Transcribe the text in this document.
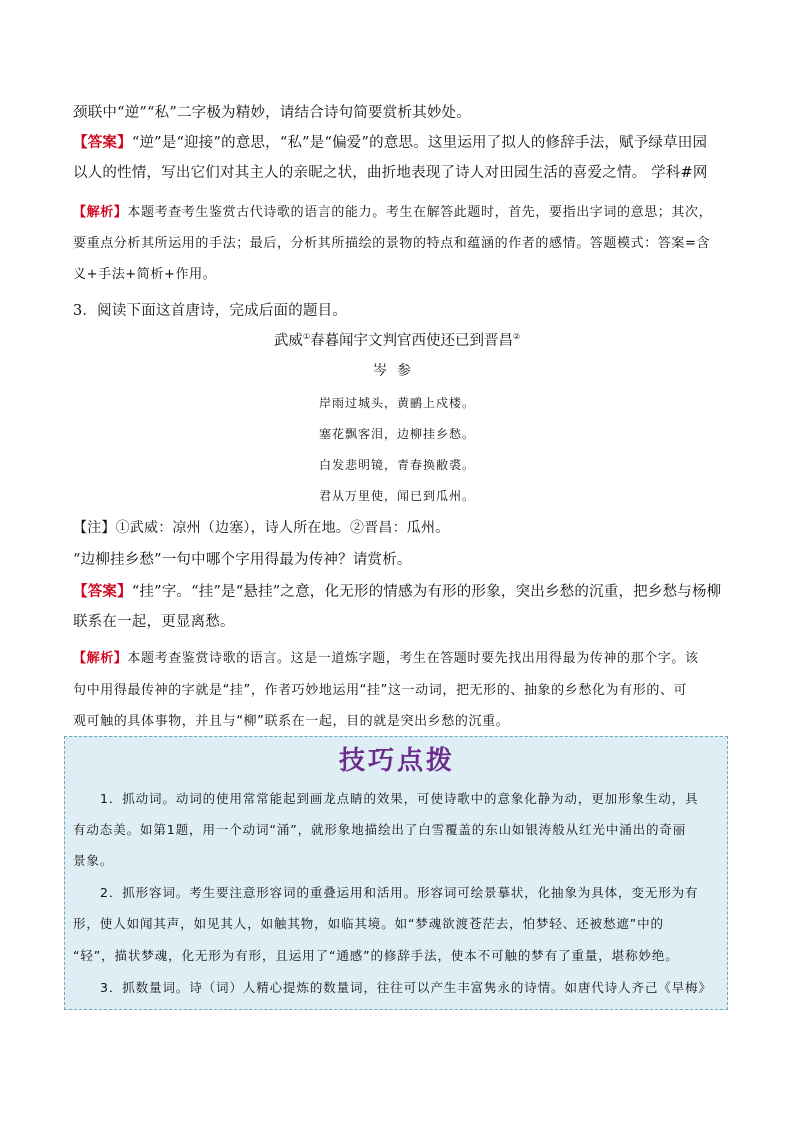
颈联中“逆”“私”二字极为精妙，请结合诗句简要赏析其妙处。
【答案】“逆”是“迎接”的意思，“私”是“偏爱”的意思。这里运用了拟人的修辞手法，赋予绿草田园
以人的性情，写出它们对其主人的亲昵之状，曲折地表现了诗人对田园生活的喜爱之情。 学科#网
【解析】本题考查考生鉴赏古代诗歌的语言的能力。考生在解答此题时，首先，要指出字词的意思；其次，
要重点分析其所运用的手法；最后，分析其所描绘的景物的特点和蕴涵的作者的感情。答题模式：答案=含
义+手法+简析+作用。
3．阅读下面这首唐诗，完成后面的题目。
武威①春暮闻宇文判官西使还已到晋昌②
岑参
岸雨过城头，黄鹂上戍楼。
塞花飘客泪，边柳挂乡愁。
白发悲明镜，青春换敝裘。
君从万里使，闻已到瓜州。
【注】①武威：凉州（边塞），诗人所在地。②晋昌：瓜州。
“边柳挂乡愁”一句中哪个字用得最为传神？请赏析。
【答案】“挂”字。“挂”是“悬挂”之意，化无形的情感为有形的形象，突出乡愁的沉重，把乡愁与杨柳
联系在一起，更显离愁。
【解析】本题考查鉴赏诗歌的语言。这是一道炼字题，考生在答题时要先找出用得最为传神的那个字。该
句中用得最传神的字就是“挂”，作者巧妙地运用“挂”这一动词，把无形的、抽象的乡愁化为有形的、可
观可触的具体事物，并且与“柳”联系在一起，目的就是突出乡愁的沉重。
技巧点拨
1．抓动词。动词的使用常常能起到画龙点睛的效果，可使诗歌中的意象化静为动，更加形象生动，具
有动态美。如第1题，用一个动词“涌”，就形象地描绘出了白雪覆盖的东山如银涛般从红光中涌出的奇丽
景象。
2．抓形容词。考生要注意形容词的重叠运用和活用。形容词可绘景摹状，化抽象为具体，变无形为有
形，使人如闻其声，如见其人，如触其物，如临其境。如“梦魂欲渡苍茫去，怕梦轻、还被愁遮”中的
“轻”，描状梦魂，化无形为有形，且运用了“通感”的修辞手法，使本不可触的梦有了重量，堪称妙绝。
3．抓数量词。诗（词）人精心提炼的数量词，往往可以产生丰富隽永的诗情。如唐代诗人齐己《早梅》
